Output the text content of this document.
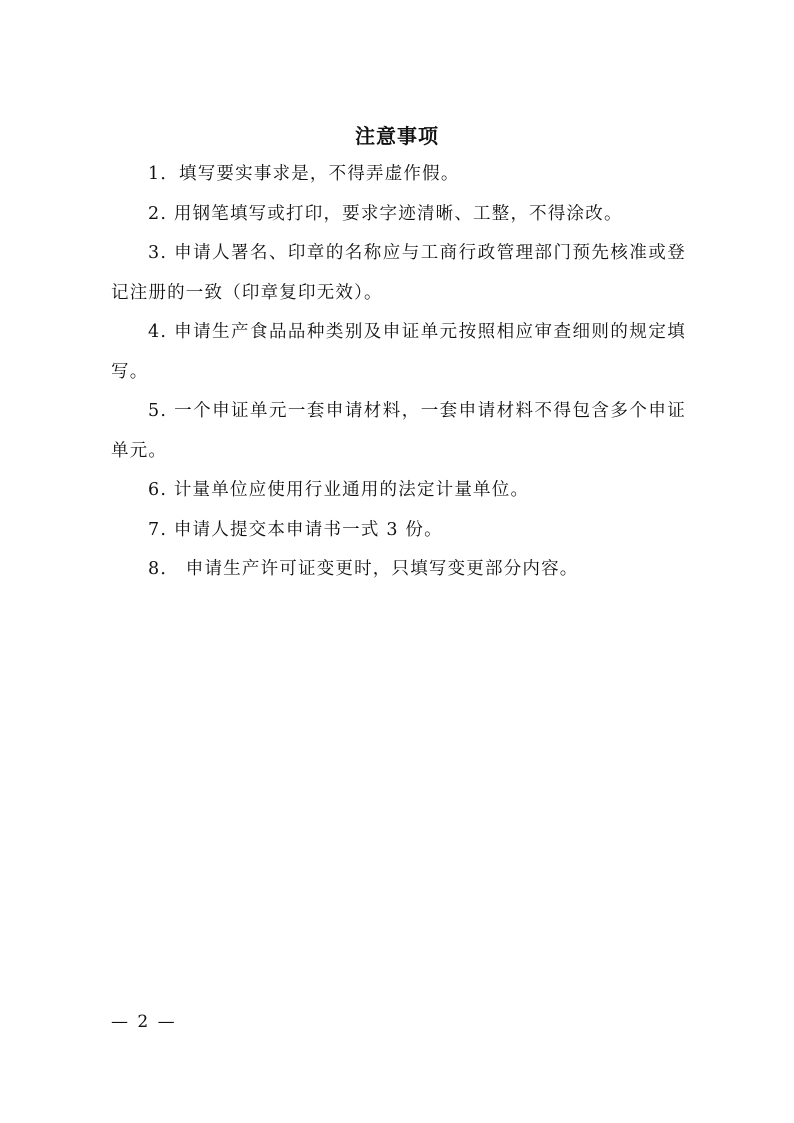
注意事项

1．填写要实事求是，不得弄虚作假。

2. 用钢笔填写或打印，要求字迹清晰、工整，不得涂改。

3. 申请人署名、印章的名称应与工商行政管理部门预先核准或登记注册的一致（印章复印无效）。

4. 申请生产食品品种类别及申证单元按照相应审查细则的规定填写。

5. 一个申证单元一套申请材料，一套申请材料不得包含多个申证单元。

6. 计量单位应使用行业通用的法定计量单位。

7. 申请人提交本申请书一式 3 份。

8． 申请生产许可证变更时，只填写变更部分内容。

— 2 —
